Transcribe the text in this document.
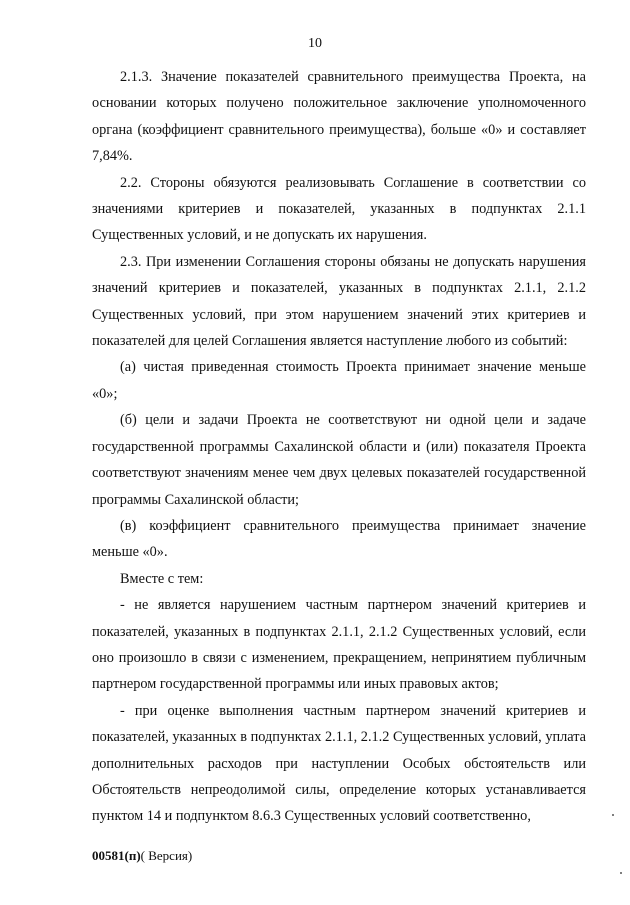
10

2.1.3. Значение показателей сравнительного преимущества Проекта, на основании которых получено положительное заключение уполномоченного органа (коэффициент сравнительного преимущества), больше «0» и составляет 7,84%.

2.2. Стороны обязуются реализовывать Соглашение в соответствии со значениями критериев и показателей, указанных в подпунктах 2.1.1 Существенных условий, и не допускать их нарушения.

2.3. При изменении Соглашения стороны обязаны не допускать нарушения значений критериев и показателей, указанных в подпунктах 2.1.1, 2.1.2 Существенных условий, при этом нарушением значений этих критериев и показателей для целей Соглашения является наступление любого из событий:

(а) чистая приведенная стоимость Проекта принимает значение меньше «0»;

(б) цели и задачи Проекта не соответствуют ни одной цели и задаче государственной программы Сахалинской области и (или) показателя Проекта соответствуют значениям менее чем двух целевых показателей государственной программы Сахалинской области;

(в) коэффициент сравнительного преимущества принимает значение меньше «0».

Вместе с тем:

- не является нарушением частным партнером значений критериев и показателей, указанных в подпунктах 2.1.1, 2.1.2 Существенных условий, если оно произошло в связи с изменением, прекращением, непринятием публичным партнером государственной программы или иных правовых актов;

- при оценке выполнения частным партнером значений критериев и показателей, указанных в подпунктах 2.1.1, 2.1.2 Существенных условий, уплата дополнительных расходов при наступлении Особых обстоятельств или Обстоятельств непреодолимой силы, определение которых устанавливается пунктом 14 и подпунктом 8.6.3 Существенных условий соответственно,

00581(п)( Версия)
